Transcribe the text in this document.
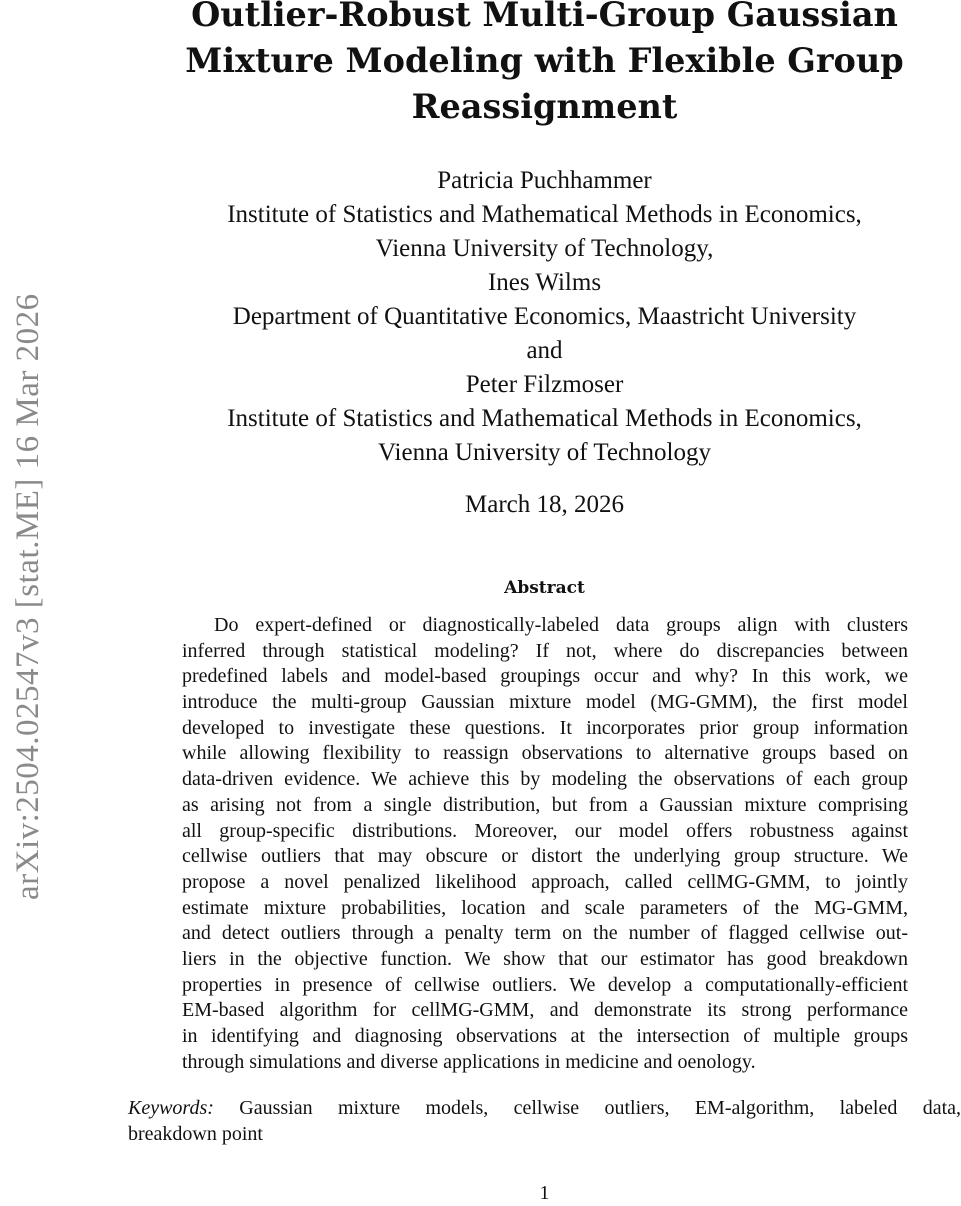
arXiv:2504.02547v3 [stat.ME] 16 Mar 2026
Outlier-Robust Multi-Group Gaussian
Mixture Modeling with Flexible Group
Reassignment
Patricia Puchhammer
Institute of Statistics and Mathematical Methods in Economics,
Vienna University of Technology,
Ines Wilms
Department of Quantitative Economics, Maastricht University
and
Peter Filzmoser
Institute of Statistics and Mathematical Methods in Economics,
Vienna University of Technology
March 18, 2026
Abstract
Do expert-defined or diagnostically-labeled data groups align with clusters
inferred through statistical modeling? If not, where do discrepancies between
predefined labels and model-based groupings occur and why? In this work, we
introduce the multi-group Gaussian mixture model (MG-GMM), the first model
developed to investigate these questions. It incorporates prior group information
while allowing flexibility to reassign observations to alternative groups based on
data-driven evidence. We achieve this by modeling the observations of each group
as arising not from a single distribution, but from a Gaussian mixture comprising
all group-specific distributions. Moreover, our model offers robustness against
cellwise outliers that may obscure or distort the underlying group structure. We
propose a novel penalized likelihood approach, called cellMG-GMM, to jointly
estimate mixture probabilities, location and scale parameters of the MG-GMM,
and detect outliers through a penalty term on the number of flagged cellwise out-
liers in the objective function. We show that our estimator has good breakdown
properties in presence of cellwise outliers. We develop a computationally-efficient
EM-based algorithm for cellMG-GMM, and demonstrate its strong performance
in identifying and diagnosing observations at the intersection of multiple groups
through simulations and diverse applications in medicine and oenology.
Keywords: Gaussian mixture models, cellwise outliers, EM-algorithm, labeled data,
breakdown point
1
